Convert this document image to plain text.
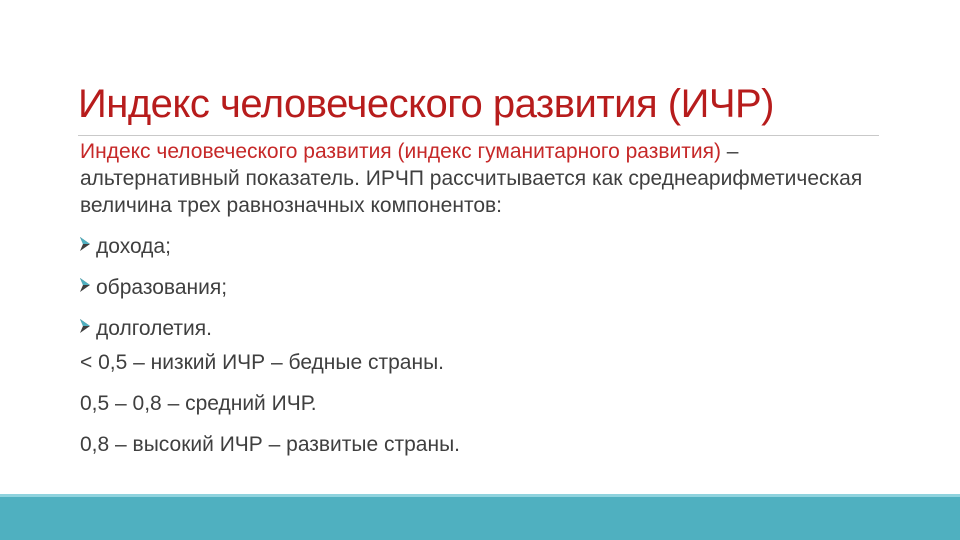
Индекс человеческого развития (ИЧР)
Индекс человеческого развития (индекс гуманитарного развития) – альтернативный показатель. ИРЧП рассчитывается как среднеарифметическая величина трех равнозначных компонентов:
дохода;
образования;
долголетия.
< 0,5 – низкий ИЧР – бедные страны.
0,5 – 0,8 – средний ИЧР.
0,8 – высокий ИЧР – развитые страны.
